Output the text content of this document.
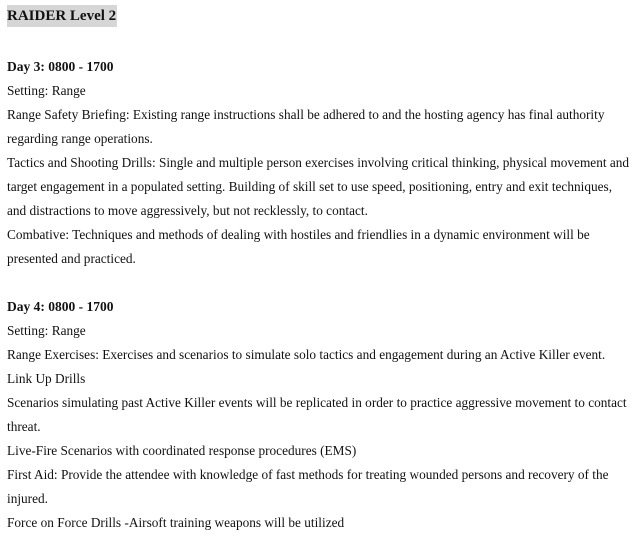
RAIDER Level 2
Day 3: 0800 - 1700

Setting: Range

Range Safety Briefing: Existing range instructions shall be adhered to and the hosting agency has final authority regarding range operations.

Tactics and Shooting Drills: Single and multiple person exercises involving critical thinking, physical movement and target engagement in a populated setting. Building of skill set to use speed, positioning, entry and exit techniques, and distractions to move aggressively, but not recklessly, to contact.

Combative: Techniques and methods of dealing with hostiles and friendlies in a dynamic environment will be presented and practiced.

Day 4: 0800 - 1700

Setting: Range

Range Exercises: Exercises and scenarios to simulate solo tactics and engagement during an Active Killer event.

Link Up Drills

Scenarios simulating past Active Killer events will be replicated in order to practice aggressive movement to contact threat.

Live-Fire Scenarios with coordinated response procedures (EMS)

First Aid: Provide the attendee with knowledge of fast methods for treating wounded persons and recovery of the injured.

Force on Force Drills -Airsoft training weapons will be utilized
